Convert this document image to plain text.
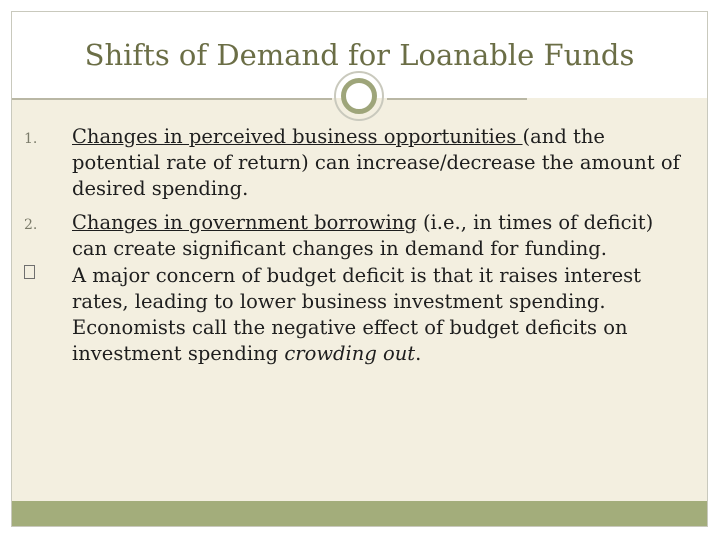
Shifts of Demand for Loanable Funds
1. Changes in perceived business opportunities (and the potential rate of return) can increase/decrease the amount of desired spending.
2. Changes in government borrowing (i.e., in times of deficit) can create significant changes in demand for funding.
A major concern of budget deficit is that it raises interest rates, leading to lower business investment spending. Economists call the negative effect of budget deficits on investment spending crowding out.
